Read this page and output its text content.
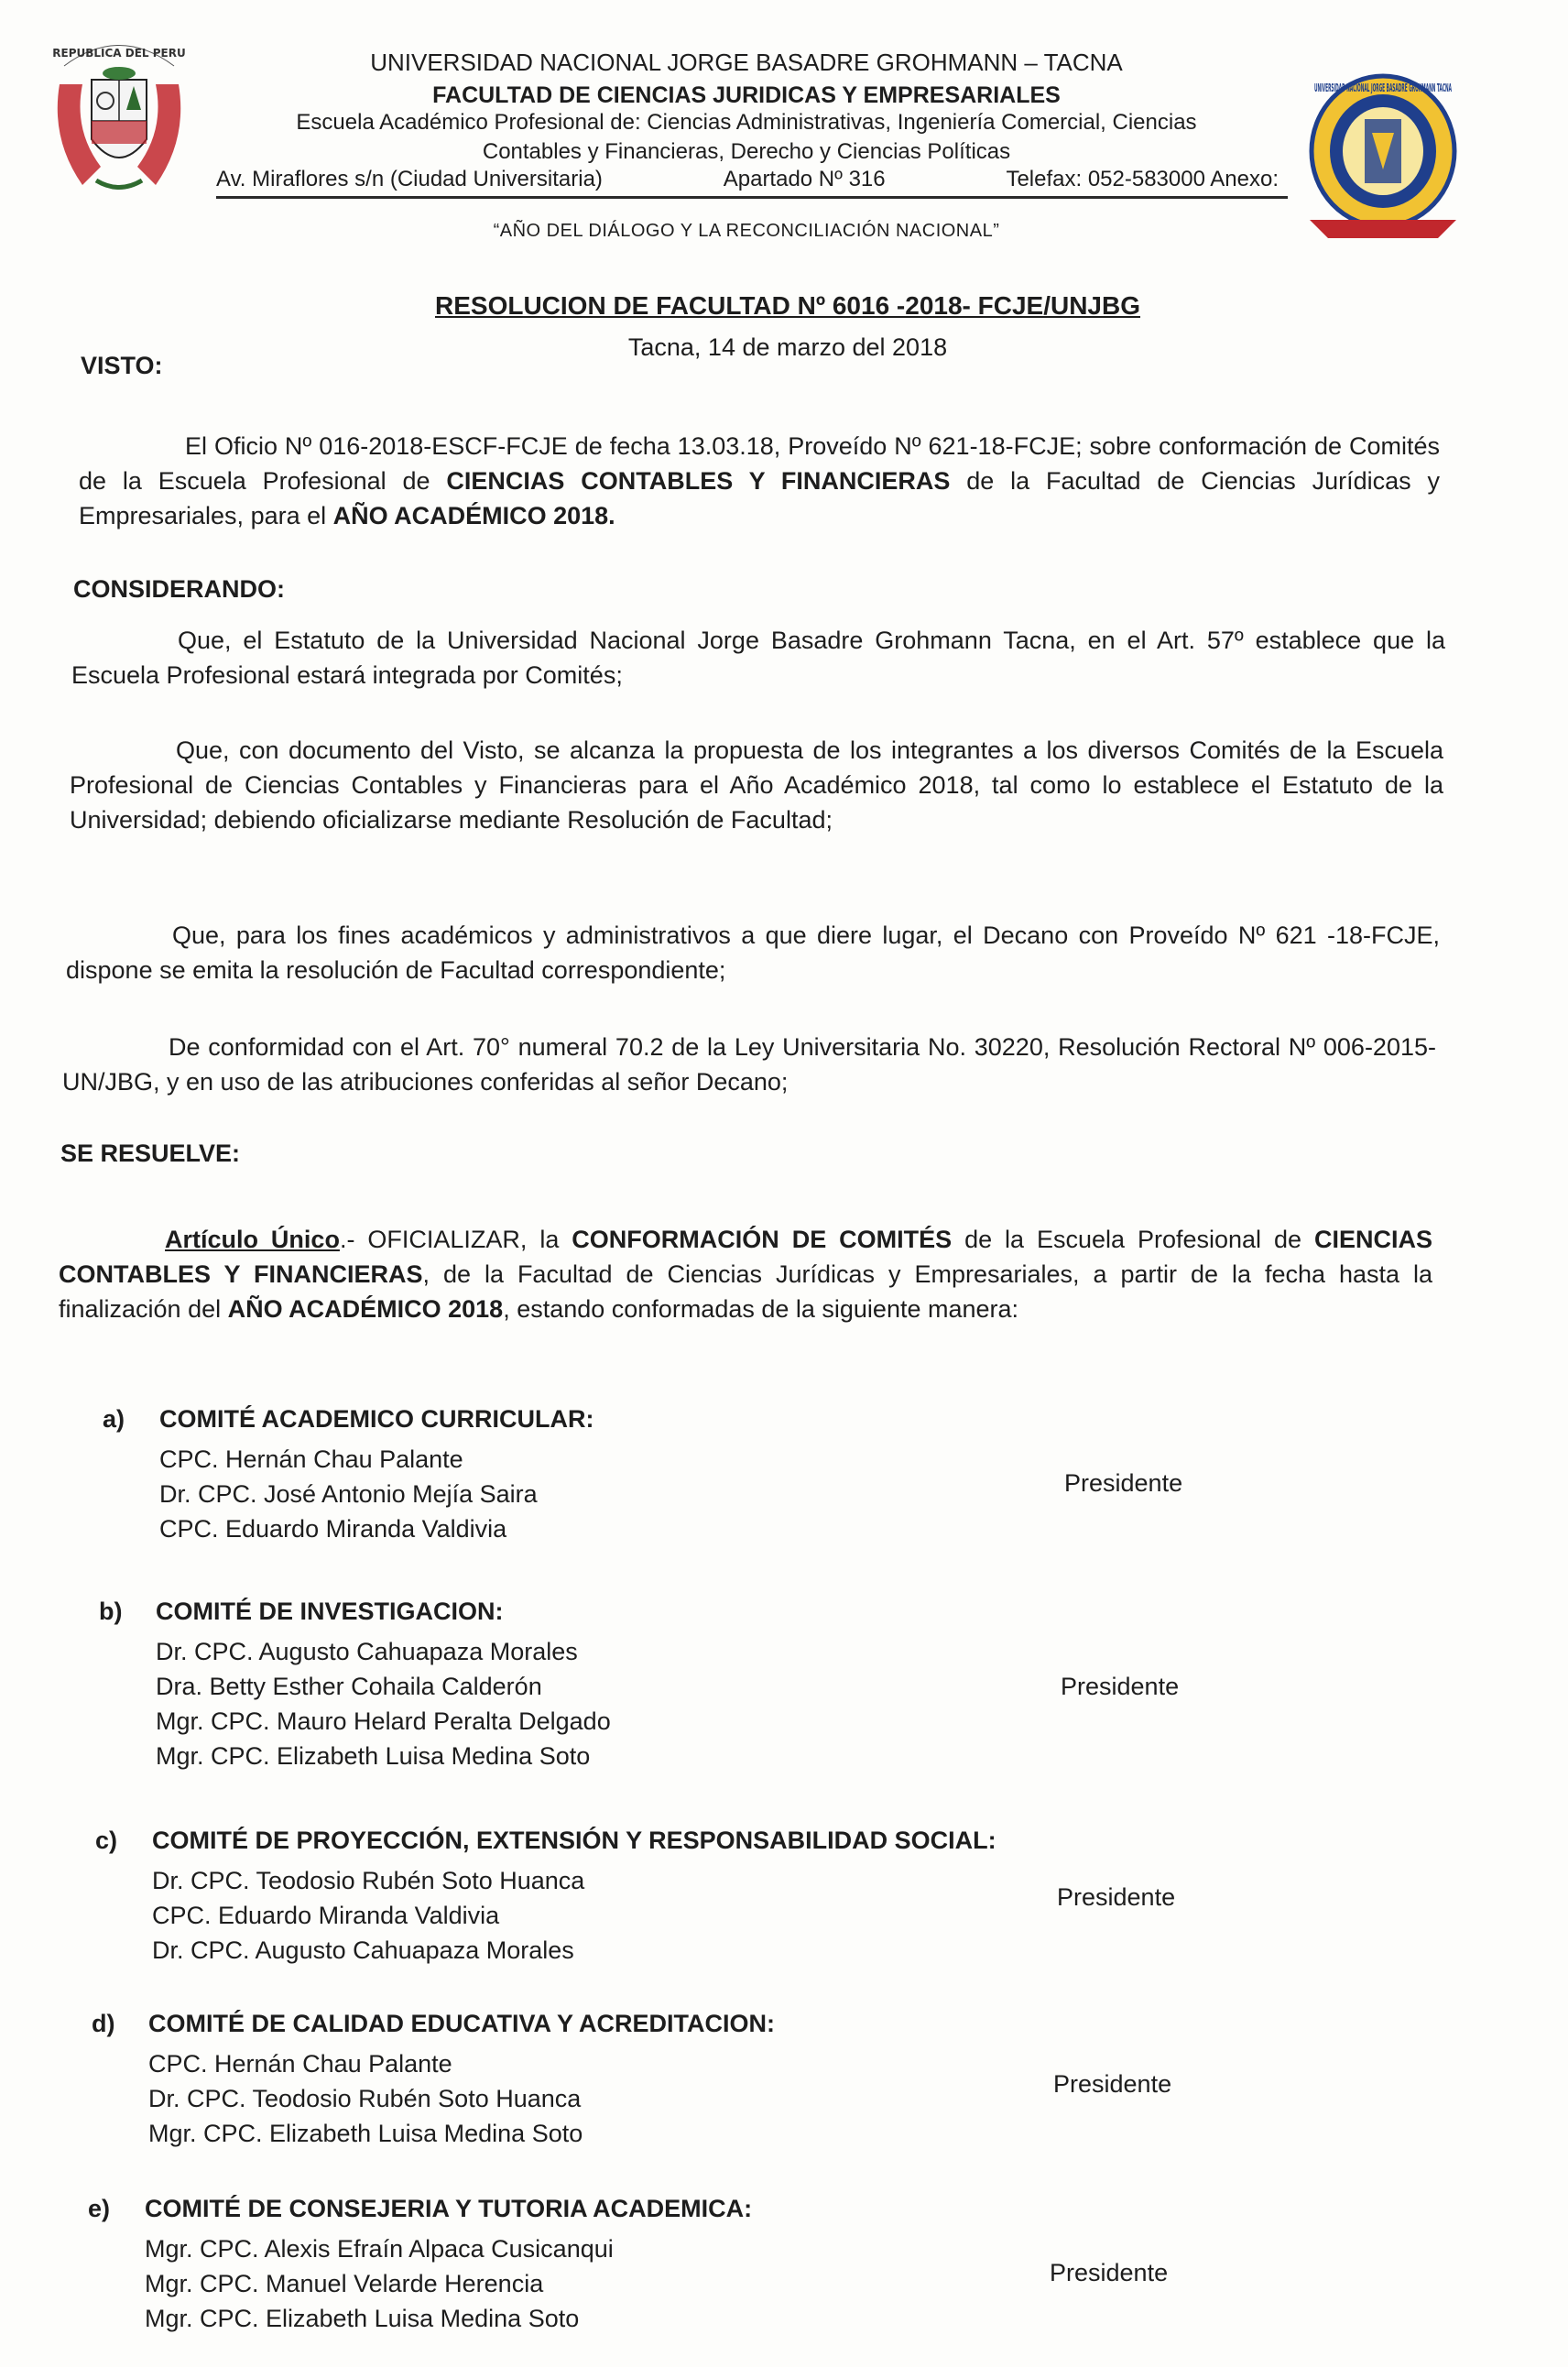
REPUBLICA DEL PERU	UNIVERSIDAD NACIONAL JORGE BASADRE GROHMANN – TACNA
FACULTAD DE CIENCIAS JURIDICAS Y EMPRESARIALES
Escuela Académico Profesional de: Ciencias Administrativas, Ingeniería Comercial, Ciencias
Contables y Financieras, Derecho y Ciencias Políticas
Av. Miraflores s/n (Ciudad Universitaria)	Apartado Nº 316	Telefax: 052-583000 Anexo:
“AÑO DEL DIÁLOGO Y LA RECONCILIACIÓN NACIONAL”
UNIVERSIDAD NACIONAL JORGE BASADRE GROHMANN TACNA
RESOLUCION DE FACULTAD Nº 6016 -2018- FCJE/UNJBG
Tacna, 14 de marzo del 2018
VISTO:
El Oficio Nº 016-2018-ESCF-FCJE de fecha 13.03.18, Proveído Nº 621-18-FCJE; sobre conformación de Comités de la Escuela Profesional de CIENCIAS CONTABLES Y FINANCIERAS de la Facultad de Ciencias Jurídicas y Empresariales, para el AÑO ACADÉMICO 2018.
CONSIDERANDO:
Que, el Estatuto de la Universidad Nacional Jorge Basadre Grohmann Tacna, en el Art. 57º establece que la Escuela Profesional estará integrada por Comités;
Que, con documento del Visto, se alcanza la propuesta de los integrantes a los diversos Comités de la Escuela Profesional de Ciencias Contables y Financieras para el Año Académico 2018, tal como lo establece el Estatuto de la Universidad; debiendo oficializarse mediante Resolución de Facultad;
Que, para los fines académicos y administrativos a que diere lugar, el Decano con Proveído Nº 621 -18-FCJE, dispone se emita la resolución de Facultad correspondiente;
De conformidad con el Art. 70° numeral 70.2 de la Ley Universitaria No. 30220, Resolución Rectoral Nº 006-2015-UN/JBG, y en uso de las atribuciones conferidas al señor Decano;
SE RESUELVE:
Artículo Único.- OFICIALIZAR, la CONFORMACIÓN DE COMITÉS de la Escuela Profesional de CIENCIAS CONTABLES Y FINANCIERAS, de la Facultad de Ciencias Jurídicas y Empresariales, a partir de la fecha hasta la finalización del AÑO ACADÉMICO 2018, estando conformadas de la siguiente manera:
a) COMITÉ ACADEMICO CURRICULAR:
CPC. Hernán Chau Palante
Dr. CPC. José Antonio Mejía Saira
CPC. Eduardo Miranda Valdivia
Presidente
b) COMITÉ DE INVESTIGACION:
Dr. CPC. Augusto Cahuapaza Morales
Dra. Betty Esther Cohaila Calderón
Mgr. CPC. Mauro Helard Peralta Delgado
Mgr. CPC. Elizabeth Luisa Medina Soto
Presidente
c) COMITÉ DE PROYECCIÓN, EXTENSIÓN Y RESPONSABILIDAD SOCIAL:
Dr. CPC. Teodosio Rubén Soto Huanca
CPC. Eduardo Miranda Valdivia
Dr. CPC. Augusto Cahuapaza Morales
Presidente
d) COMITÉ DE CALIDAD EDUCATIVA Y ACREDITACION:
CPC. Hernán Chau Palante
Dr. CPC. Teodosio Rubén Soto Huanca
Mgr. CPC. Elizabeth Luisa Medina Soto
Presidente
e) COMITÉ DE CONSEJERIA Y TUTORIA ACADEMICA:
Mgr. CPC. Alexis Efraín Alpaca Cusicanqui
Mgr. CPC. Manuel Velarde Herencia
Mgr. CPC. Elizabeth Luisa Medina Soto
Presidente
